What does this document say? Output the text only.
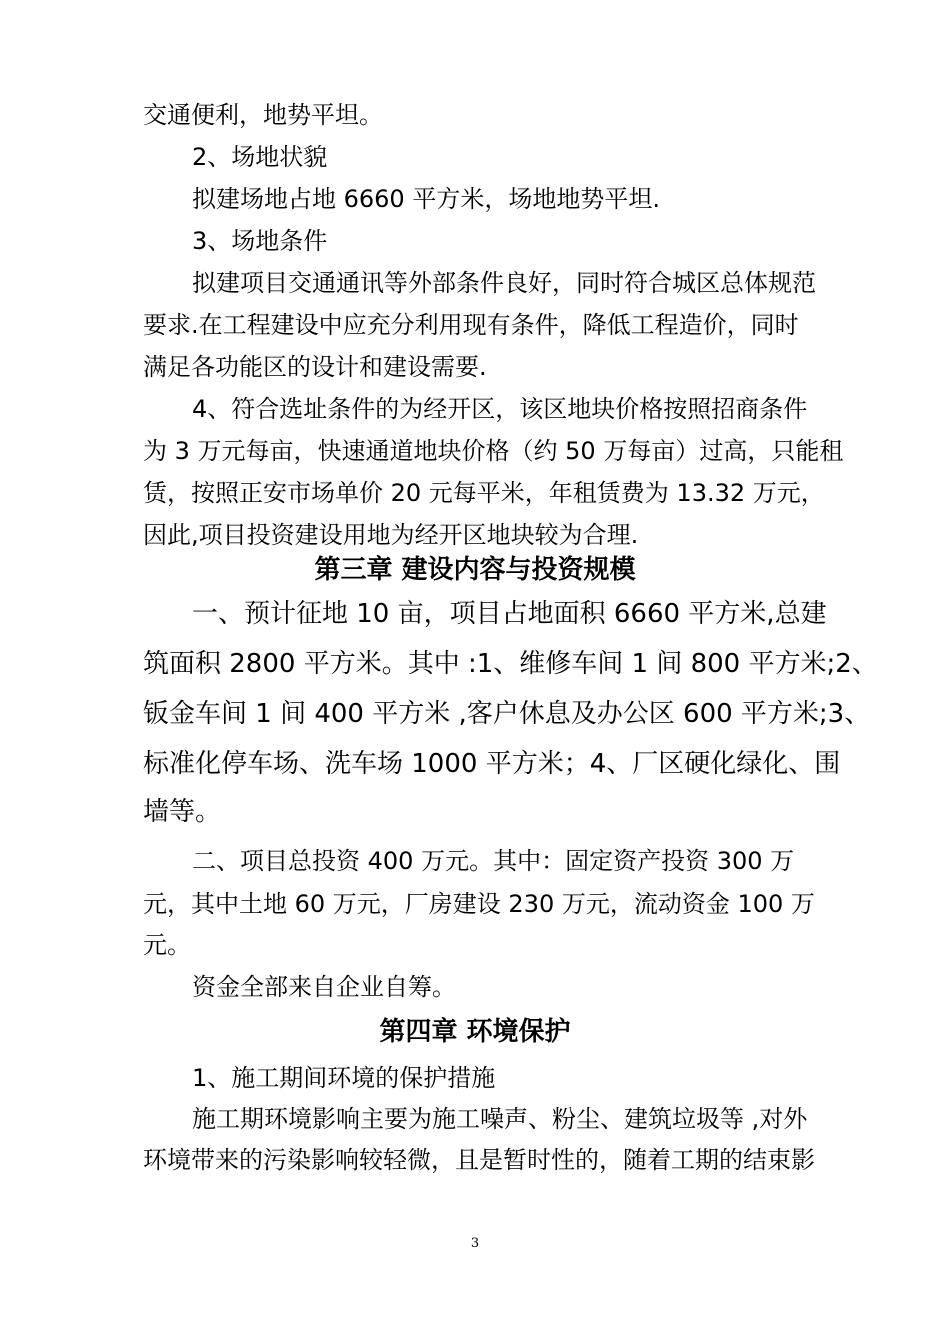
交通便利，地势平坦。
2、场地状貌
拟建场地占地 6660 平方米，场地地势平坦.
3、场地条件
拟建项目交通通讯等外部条件良好，同时符合城区总体规范
要求.在工程建设中应充分利用现有条件，降低工程造价，同时
满足各功能区的设计和建设需要.
4、符合选址条件的为经开区，该区地块价格按照招商条件
为 3 万元每亩，快速通道地块价格（约 50 万每亩）过高，只能租
赁，按照正安市场单价 20 元每平米，年租赁费为 13.32 万元，
因此,项目投资建设用地为经开区地块较为合理.
第三章 建设内容与投资规模
一、预计征地 10 亩，项目占地面积 6660 平方米,总建
筑面积 2800 平方米。其中 :1、维修车间 1 间 800 平方米;2、
钣金车间 1 间 400 平方米 ,客户休息及办公区 600 平方米;3、
标准化停车场、洗车场 1000 平方米；4、厂区硬化绿化、围
墙等。
二、项目总投资 400 万元。其中：固定资产投资 300 万
元，其中土地 60 万元，厂房建设 230 万元，流动资金 100 万
元。
资金全部来自企业自筹。
第四章 环境保护
1、施工期间环境的保护措施
施工期环境影响主要为施工噪声、粉尘、建筑垃圾等 ,对外
环境带来的污染影响较轻微，且是暂时性的，随着工期的结束影
3
